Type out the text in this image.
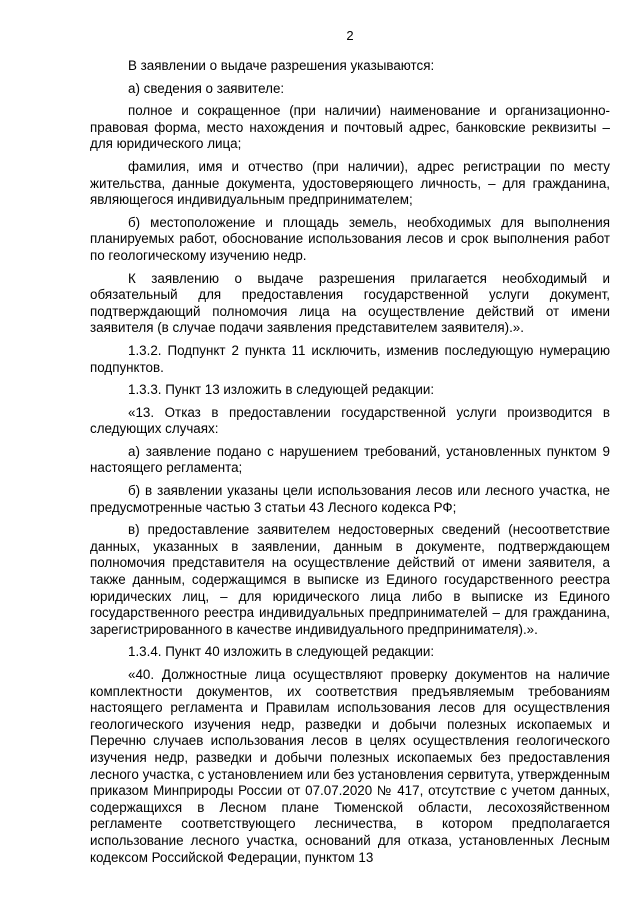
2

В заявлении о выдаче разрешения указываются:

а) сведения о заявителе:

полное и сокращенное (при наличии) наименование и организационно-правовая форма, место нахождения и почтовый адрес, банковские реквизиты – для юридического лица;

фамилия, имя и отчество (при наличии), адрес регистрации по месту жительства, данные документа, удостоверяющего личность, – для гражданина, являющегося индивидуальным предпринимателем;

б) местоположение и площадь земель, необходимых для выполнения планируемых работ, обоснование использования лесов и срок выполнения работ по геологическому изучению недр.

К заявлению о выдаче разрешения прилагается необходимый и обязательный для предоставления государственной услуги документ, подтверждающий полномочия лица на осуществление действий от имени заявителя (в случае подачи заявления представителем заявителя).».

1.3.2. Подпункт 2 пункта 11 исключить, изменив последующую нумерацию подпунктов.

1.3.3. Пункт 13 изложить в следующей редакции:

«13. Отказ в предоставлении государственной услуги производится в следующих случаях:

а) заявление подано с нарушением требований, установленных пунктом 9 настоящего регламента;

б) в заявлении указаны цели использования лесов или лесного участка, не предусмотренные частью 3 статьи 43 Лесного кодекса РФ;

в) предоставление заявителем недостоверных сведений (несоответствие данных, указанных в заявлении, данным в документе, подтверждающем полномочия представителя на осуществление действий от имени заявителя, а также данным, содержащимся в выписке из Единого государственного реестра юридических лиц, – для юридического лица либо в выписке из Единого государственного реестра индивидуальных предпринимателей – для гражданина, зарегистрированного в качестве индивидуального предпринимателя).».

1.3.4. Пункт 40 изложить в следующей редакции:

«40. Должностные лица осуществляют проверку документов на наличие комплектности документов, их соответствия предъявляемым требованиям настоящего регламента и Правилам использования лесов для осуществления геологического изучения недр, разведки и добычи полезных ископаемых и Перечню случаев использования лесов в целях осуществления геологического изучения недр, разведки и добычи полезных ископаемых без предоставления лесного участка, с установлением или без установления сервитута, утвержденным приказом Минприроды России от 07.07.2020 № 417, отсутствие с учетом данных, содержащихся в Лесном плане Тюменской области, лесохозяйственном регламенте соответствующего лесничества, в котором предполагается использование лесного участка, оснований для отказа, установленных Лесным кодексом Российской Федерации, пунктом 13
